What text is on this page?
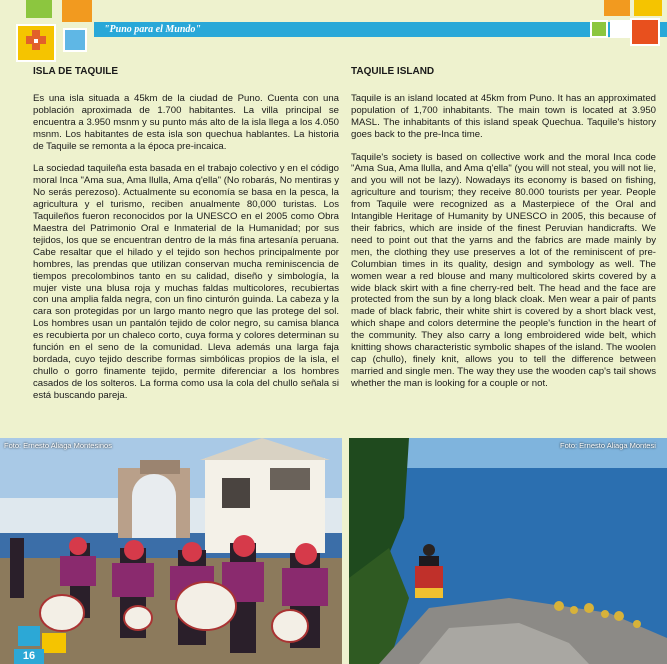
"Puno para el Mundo"
ISLA DE TAQUILE

Es una isla situada a 45km de la ciudad de Puno. Cuenta con una población aproximada de 1.700 habitantes. La villa principal se encuentra a 3.950 msnm y su punto más alto de la isla llega a los 4.050 msnm. Los habitantes de esta isla son quechua hablantes. La historia de Taquile se remonta a la época pre-incaica.

La sociedad taquileña esta basada en el trabajo colectivo y en el código moral Inca "Ama sua, Ama llulla, Ama q'ella" (No robarás, No mentiras y No serás perezoso). Actualmente su economía se basa en la pesca, la agricultura y el turismo, reciben anualmente 80,000 turistas. Los Taquileños fueron reconocidos por la UNESCO en el 2005 como Obra Maestra del Patrimonio Oral e Inmaterial de la Humanidad; por sus tejidos, los que se encuentran dentro de la más fina artesanía peruana. Cabe resaltar que el hilado y el tejido son hechos principalmente por hombres, las prendas que utilizan conservan mucha reminiscencia de tiempos precolombinos tanto en su calidad, diseño y simbología, la mujer viste una blusa roja y muchas faldas multicolores, recubiertas con una amplia falda negra, con un fino cinturón guinda. La cabeza y la cara son protegidas por un largo manto negro que las protege del sol. Los hombres usan un pantalón tejido de color negro, su camisa blanca es recubierta por un chaleco corto, cuya forma y colores determinan su función en el seno de la comunidad. Lleva además una larga faja bordada, cuyo tejido describe formas simbólicas propios de la isla, el chullo o gorro finamente tejido, permite diferenciar a los hombres casados de los solteros. La forma como usa la cola del chullo señala si está buscando pareja.

TAQUILE ISLAND

Taquile is an island located at 45km from Puno. It has an approximated population of 1,700 inhabitants. The main town is located at 3.950 MASL. The inhabitants of this island speak Quechua. Taquile's history goes back to the pre-Inca time.

Taquile's society is based on collective work and the moral Inca code "Ama Sua, Ama llulla, and Ama q'ella" (you will not steal, you will not lie, and you will not be lazy). Nowadays its economy is based on fishing, agriculture and tourism; they receive 80.000 tourists per year. People from Taquile were recognized as a Masterpiece of the Oral and Intangible Heritage of Humanity by UNESCO in 2005, this because of their fabrics, which are inside of the finest Peruvian handicrafts. We need to point out that the yarns and the fabrics are made mainly by men, the clothing they use preserves a lot of the reminiscent of pre-Columbian times in its quality, design and symbology as well. The women wear a red blouse and many multicolored skirts covered by a wide black skirt with a fine cherry-red belt. The head and the face are protected from the sun by a long black cloak. Men wear a pair of pants made of black fabric, their white shirt is covered by a short black vest, which shape and colors determine the people's function in the heart of the community. They also carry a long embroidered wide belt, which knitting shows characteristic symbolic shapes of the island. The woolen cap (chullo), finely knit, allows you to tell the difference between married and single men. The way they use the wooden cap's tail shows whether the man is looking for a couple or not.

Foto: Ernesto Aliaga Montesinos	Foto: Ernesto Aliaga Montesi
16
